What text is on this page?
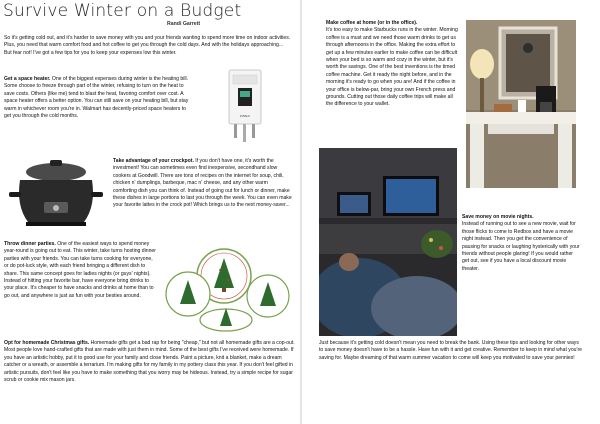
Survive Winter on a Budget
Randi Garrett
So it's getting cold out, and it's harder to save money with you and your friends wanting to spend more time on indoor activities. Plus, you need that warm comfort food and hot coffee to get you through the cold days. And with the holidays approaching... But fear not! I've got a few tips for you to keep your expenses low this winter.
Get a space heater. One of the biggest expenses during winter is the heating bill. Some choose to freeze through part of the winter, refusing to turn on the heat to save costs. Others (like me) tend to blast the heat, favoring comfort over cost. A space heater offers a better option. You can still save on your heating bill, but stay warm in whichever room you're in. Walmart has decently-priced space heaters to get you through the cold months.	RINNAI
Take advantage of your crockpot. If you don't have one, it's worth the investment! You can sometimes even find inexpensive, secondhand slow cookers at Goodwill. There are tons of recipes on the internet for soup, chili, chicken n' dumplings, barbeque, mac n' cheese, and any other warm comforting dish you can think of. Instead of going out for lunch or dinner, make these dishes in large portions to last you through the week. You can even make your favorite lattes in the crock pot! Which brings us to the next money-saver...
Throw dinner parties. One of the easiest ways to spend money year-round is going out to eat. This winter, take turns hosting dinner parties with your friends. You can take turns cooking for everyone, or do pot-luck style, with each friend bringing a different dish to share. This same concept goes for ladies nights (or guys' nights). Instead of hitting your favorite bar, have everyone bring drinks to your place. It's cheaper to have snacks and drinks at home than to go out, and anywhere is just as fun with your besties around.
Opt for homemade Christmas gifts. Homemade gifts get a bad rap for being "cheap," but not all homemade gifts are a cop-out. Most people love hand-crafted gifts that are made with just them in mind. Some of the best gifts I've received were homemade. If you have an artistic hobby, put it to good use for your family and close friends. Paint a picture, knit a blanket, make a dream catcher or a wreath, or assemble a terrarium. I'm making gifts for my family in my pottery class this year. If you don't feel gifted in artistic pursuits, don't feel like you have to make something that you worry may be hideous. Instead, try a simple recipe for sugar scrub or cookie mix mason jars.
Make coffee at home (or in the office).
It's too easy to make Starbucks runs in the winter. Morning coffee is a must and we need those warm drinks to get us through afternoons in the office. Making the extra effort to get up a few minutes earlier to make coffee can be difficult when your bed is so warm and cozy in the winter, but it's worth the savings. One of the best inventions is the timed coffee machine. Get it ready the night before, and in the morning it's ready to go when you are! And if the coffee in your office is below-par, bring your own French press and grounds. Cutting out those daily coffee trips will make all the difference to your wallet.
Save money on movie nights.
Instead of running out to see a new movie, wait for those flicks to come to Redbox and have a movie night instead. Then you get the convenience of pausing for snacks or laughing hysterically with your friends without people glaring! If you would rather get out, see if you have a local discount movie theater.
Just because it's getting cold doesn't mean you need to break the bank. Using these tips and looking for other ways to save money doesn't have to be a hassle. Have fun with it and get creative. Remember to keep in mind what you're saving for. Maybe dreaming of that warm summer vacation to come will keep you motivated to save your pennies!
